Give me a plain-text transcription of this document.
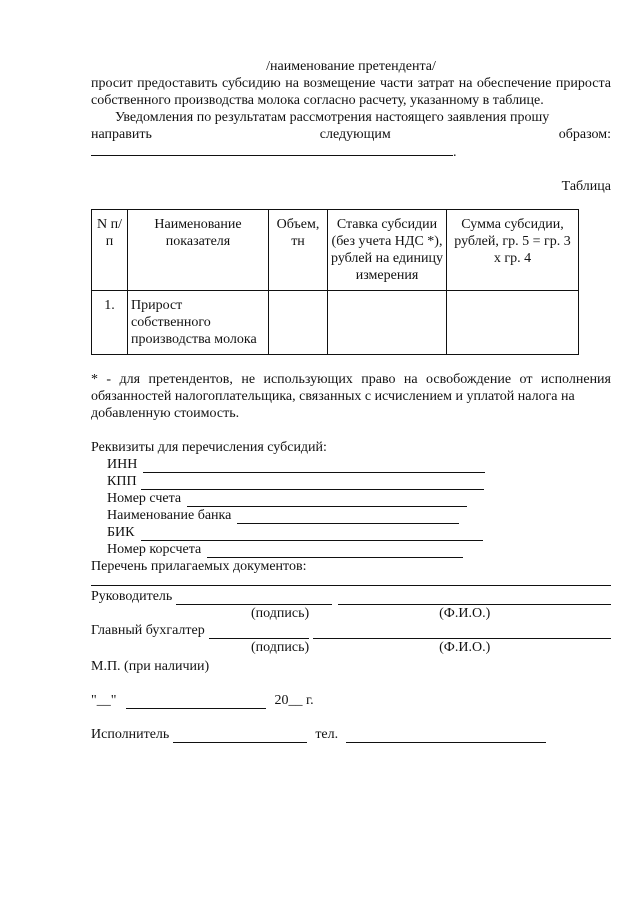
/наименование претендента/

просит предоставить субсидию на возмещение части затрат на обеспечение прироста собственного производства молока согласно расчету, указанному в таблице.

Уведомления по результатам рассмотрения настоящего заявления прошу

направить следующим образом:

.

Таблица

N п/п	Наименование показателя	Объем, тн	Ставка субсидии (без учета НДС *), рублей на единицу измерения	Сумма субсидии, рублей, гр. 5 = гр. 3 x гр. 4
1.	Прирост собственного производства молока			

* - для претендентов, не использующих право на освобождение от исполнения обязанностей налогоплательщика, связанных с исчислением и уплатой налога на

добавленную стоимость.

Реквизиты для перечисления субсидий:

ИНН
КПП
Номер счета
Наименование банка
БИК
Номер корсчета

Перечень прилагаемых документов:

Руководитель
(подпись)	(Ф.И.О.)
Главный бухгалтер
(подпись)	(Ф.И.О.)

М.П. (при наличии)

"__"	20__ г.
Исполнитель	тел.
